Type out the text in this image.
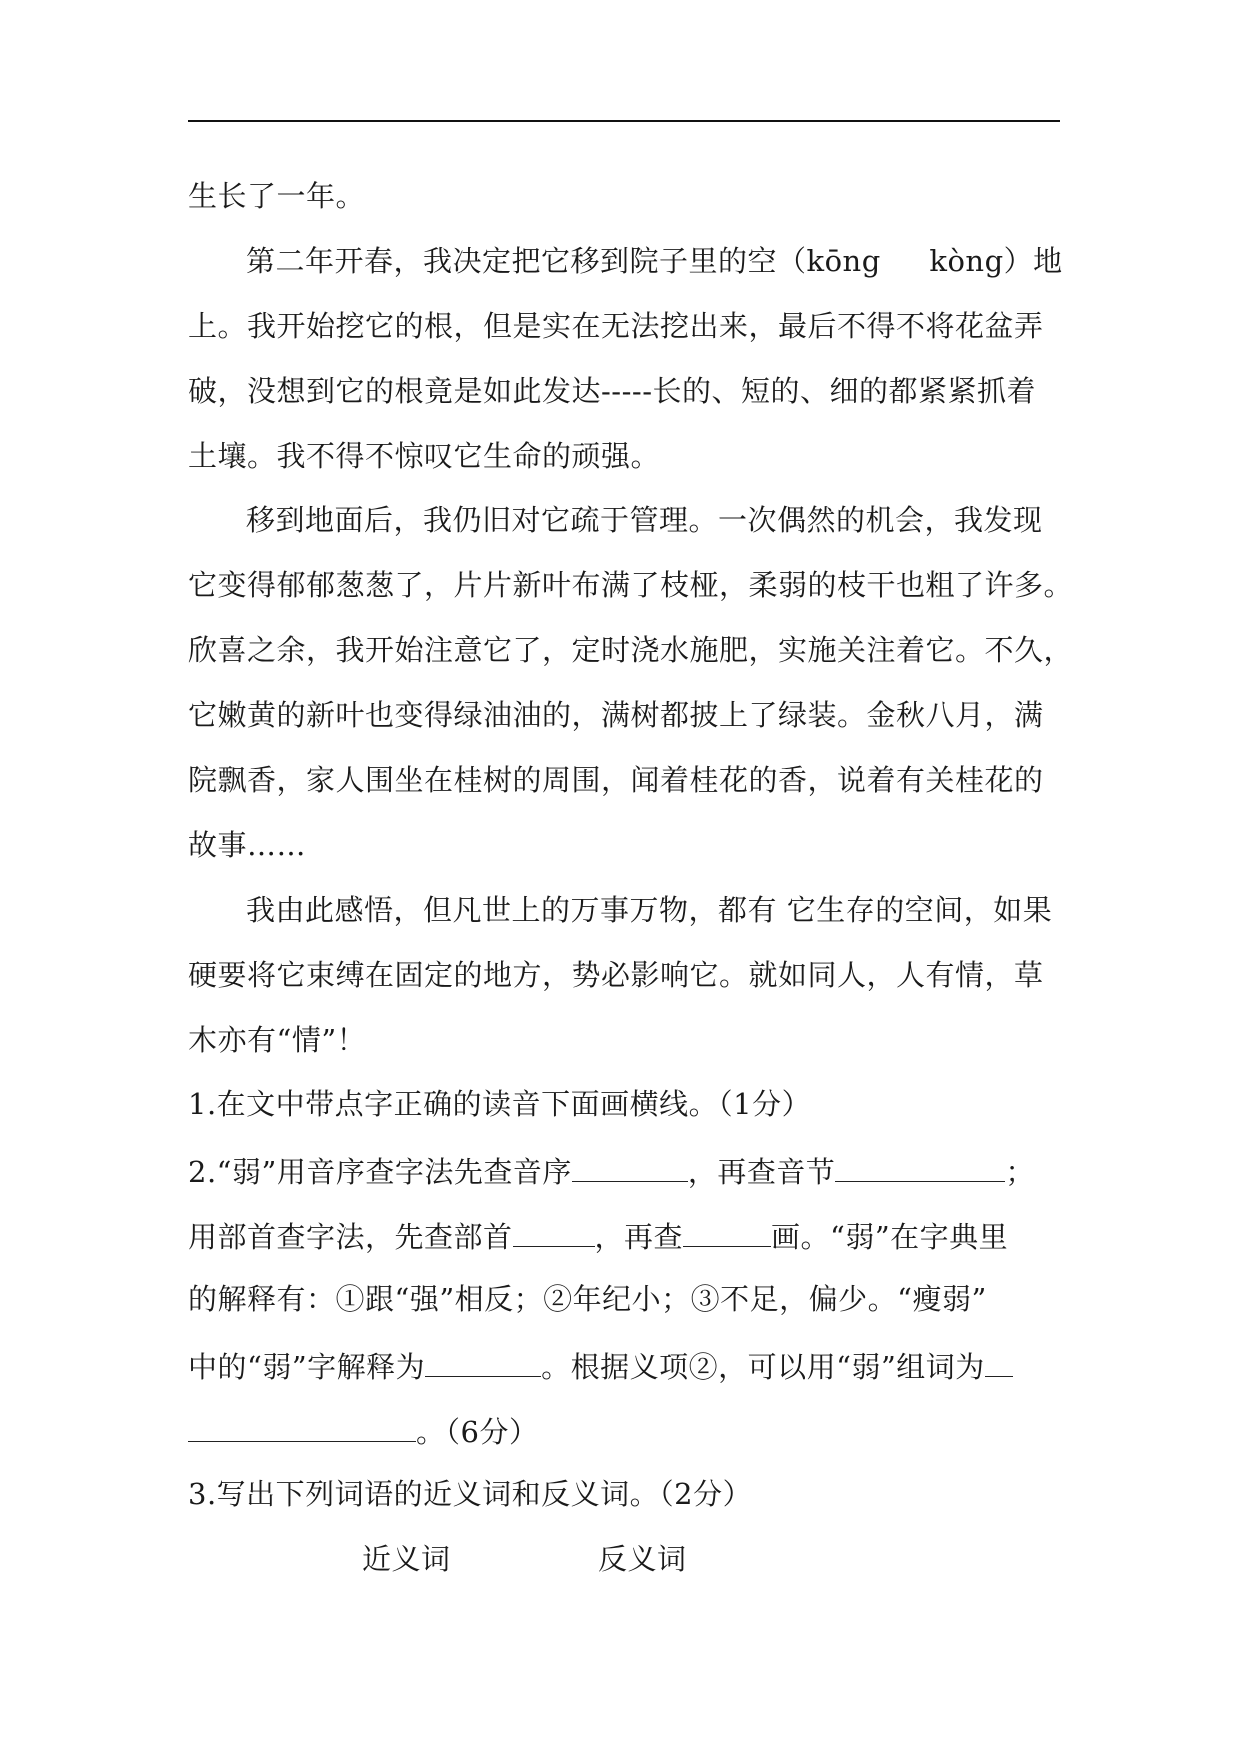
生长了一年。
第二年开春，我决定把它移到院子里的空（kōng     kòng）地
上。我开始挖它的根，但是实在无法挖出来，最后不得不将花盆弄
破，没想到它的根竟是如此发达-----长的、短的、细的都紧紧抓着
土壤。我不得不惊叹它生命的顽强。
移到地面后，我仍旧对它疏于管理。一次偶然的机会，我发现
它变得郁郁葱葱了，片片新叶布满了枝桠，柔弱的枝干也粗了许多。
欣喜之余，我开始注意它了，定时浇水施肥，实施关注着它。不久，
它嫩黄的新叶也变得绿油油的，满树都披上了绿装。金秋八月，满
院飘香，家人围坐在桂树的周围，闻着桂花的香，说着有关桂花的
故事……
我由此感悟，但凡世上的万事万物，都有 它生存的空间，如果
硬要将它束缚在固定的地方，势必影响它。就如同人，人有情，草
木亦有“情”！
1.在文中带点字正确的读音下面画横线。（1分）
2.“弱”用音序查字法先查音序	，再查音节	；
用部首查字法，先查部首	，再查	画。“弱”在字典里
的解释有：①跟“强”相反；②年纪小；③不足，偏少。“瘦弱”
中的“弱”字解释为	。根据义项②，可以用“弱”组词为
。（6分）
3.写出下列词语的近义词和反义词。（2分）
近义词	反义词
